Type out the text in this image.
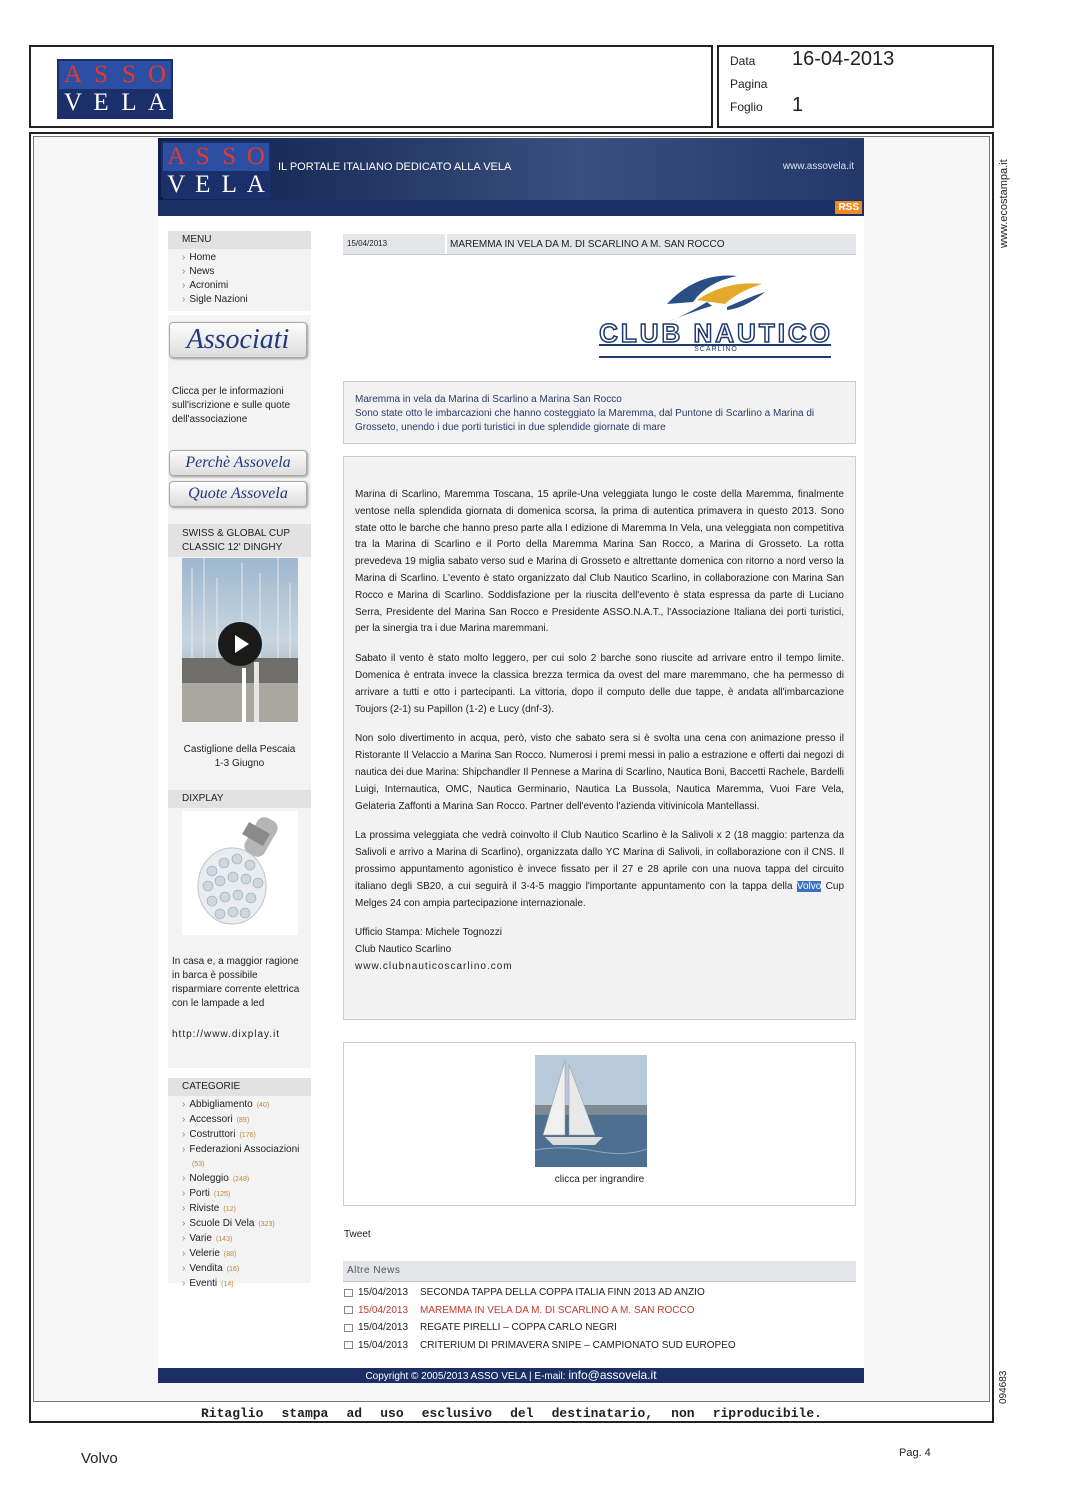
A S S O
V E L A
Data 16-04-2013
Pagina
Foglio 1
www.ecostampa.it
094683
A S S O
V E L A
IL PORTALE ITALIANO DEDICATO ALLA VELA	www.assovela.it
RSS
MENU
› Home
› News
› Acronimi
› Sigle Nazioni
Associati
Clicca per le informazioni
sull'iscrizione e sulle quote
dell'associazione
Perchè Assovela
Quote Assovela
SWISS & GLOBAL CUP
CLASSIC 12' DINGHY
Castiglione della Pescaia
1-3 Giugno
DIXPLAY
In casa e, a maggior ragione
in barca è possibile
risparmiare corrente elettrica
con le lampade a led
http://www.dixplay.it
CATEGORIE
› Abbigliamento (40)
› Accessori (89)
› Costruttori (176)
› Federazioni Associazioni
(53)
› Noleggio (248)
› Porti (125)
› Riviste (12)
› Scuole Di Vela (323)
› Varie (143)
› Velerie (88)
› Vendita (16)
› Eventi (14)
15/04/2013	MAREMMA IN VELA DA M. DI SCARLINO A M. SAN ROCCO
CLUB NAUTICO
SCARLINO
Maremma in vela da Marina di Scarlino a Marina San Rocco
Sono state otto le imbarcazioni che hanno costeggiato la Maremma, dal Puntone di Scarlino a Marina di Grosseto, unendo i due porti turistici in due splendide giornate di mare

Marina di Scarlino, Maremma Toscana, 15 aprile-Una veleggiata lungo le coste della Maremma, finalmente ventose nella splendida giornata di domenica scorsa, la prima di autentica primavera in questo 2013. Sono state otto le barche che hanno preso parte alla I edizione di Maremma In Vela, una veleggiata non competitiva tra la Marina di Scarlino e il Porto della Maremma Marina San Rocco, a Marina di Grosseto. La rotta prevedeva 19 miglia sabato verso sud e Marina di Grosseto e altrettante domenica con ritorno a nord verso la Marina di Scarlino. L'evento è stato organizzato dal Club Nautico Scarlino, in collaborazione con Marina San Rocco e Marina di Scarlino. Soddisfazione per la riuscita dell'evento è stata espressa da parte di Luciano Serra, Presidente del Marina San Rocco e Presidente ASSO.N.A.T., l'Associazione Italiana dei porti turistici, per la sinergia tra i due Marina maremmani.

Sabato il vento è stato molto leggero, per cui solo 2 barche sono riuscite ad arrivare entro il tempo limite. Domenica è entrata invece la classica brezza termica da ovest del mare maremmano, che ha permesso di arrivare a tutti e otto i partecipanti. La vittoria, dopo il computo delle due tappe, è andata all'imbarcazione Toujors (2-1) su Papillon (1-2) e Lucy (dnf-3).

Non solo divertimento in acqua, però, visto che sabato sera si è svolta una cena con animazione presso il Ristorante Il Velaccio a Marina San Rocco. Numerosi i premi messi in palio a estrazione e offerti dai negozi di nautica dei due Marina: Shipchandler Il Pennese a Marina di Scarlino, Nautica Boni, Baccetti Rachele, Bardelli Luigi, Internautica, OMC, Nautica Germinario, Nautica La Bussola, Nautica Maremma, Vuoi Fare Vela, Gelateria Zaffonti a Marina San Rocco. Partner dell'evento l'azienda vitivinicola Mantellassi.

La prossima veleggiata che vedrà coinvolto il Club Nautico Scarlino è la Salivoli x 2 (18 maggio: partenza da Salivoli e arrivo a Marina di Scarlino), organizzata dallo YC Marina di Salivoli, in collaborazione con il CNS. Il prossimo appuntamento agonistico è invece fissato per il 27 e 28 aprile con una nuova tappa del circuito italiano degli SB20, a cui seguirà il 3-4-5 maggio l'importante appuntamento con la tappa della Volvo Cup Melges 24 con ampia partecipazione internazionale.

Ufficio Stampa: Michele Tognozzi
Club Nautico Scarlino
www.clubnauticoscarlino.com
clicca per ingrandire
Tweet
Altre News
15/04/2013	SECONDA TAPPA DELLA COPPA ITALIA FINN 2013 AD ANZIO
15/04/2013	MAREMMA IN VELA DA M. DI SCARLINO A M. SAN ROCCO
15/04/2013	REGATE PIRELLI – COPPA CARLO NEGRI
15/04/2013	CRITERIUM DI PRIMAVERA SNIPE – CAMPIONATO SUD EUROPEO
Copyright © 2005/2013 ASSO VELA | E-mail: info@assovela.it
Ritaglio stampa ad uso esclusivo del destinatario, non riproducibile.
Volvo	Pag. 4
